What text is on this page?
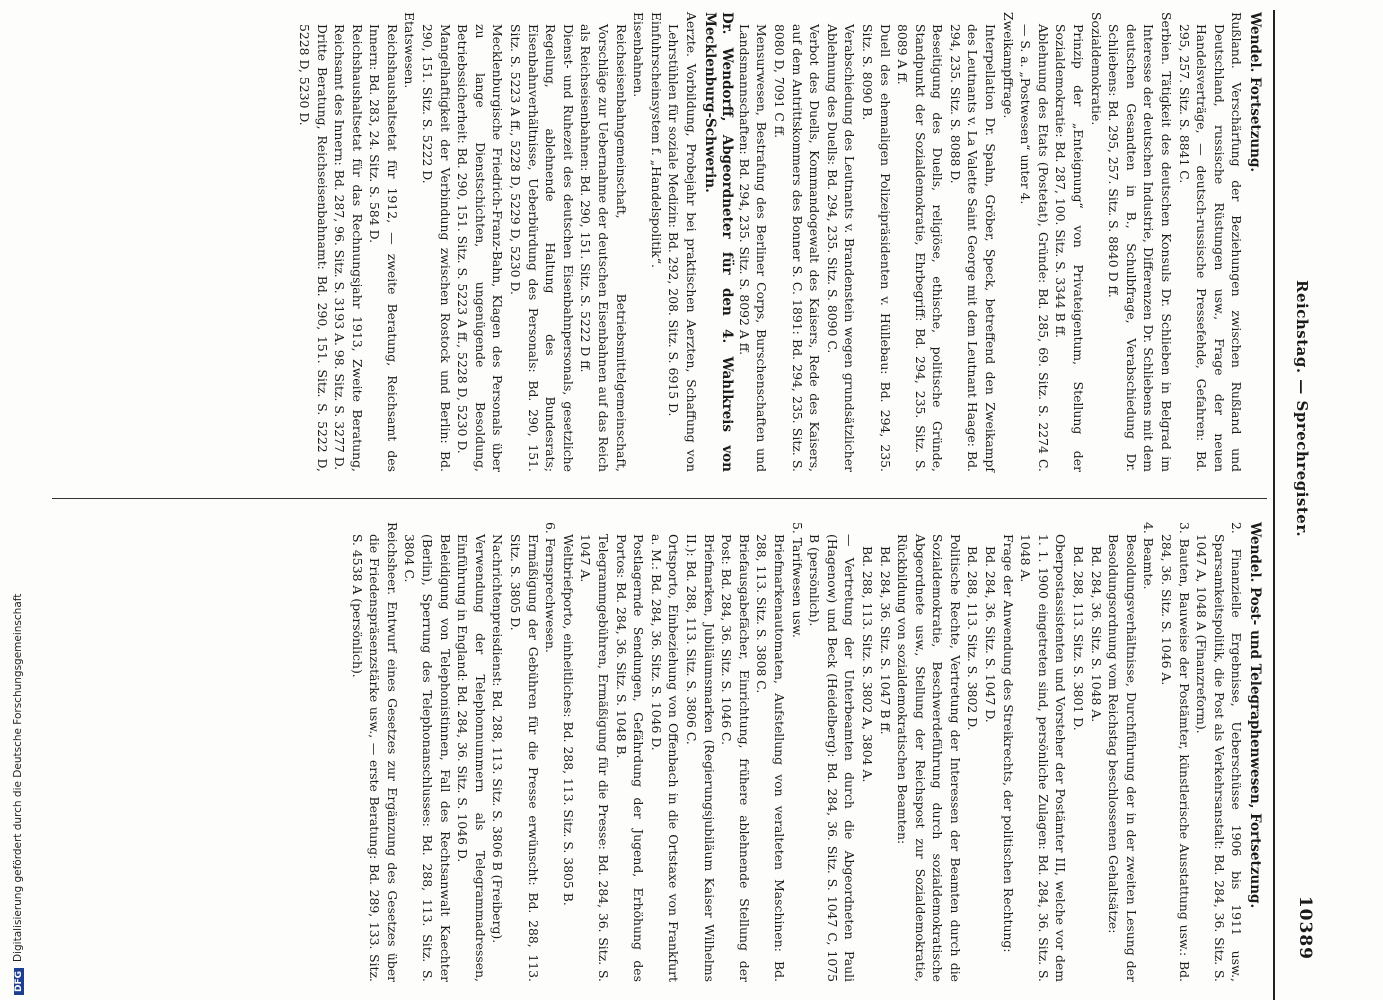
Reichstag. — Sprechregister.
10389
Wendel. Fortsetzung.
Rußland. Verschärfung der Beziehungen zwischen Rußland und Deutschland, russische Rüstungen usw., Frage der neuen Handelsverträge, — deutsch-russische Pressefehde, Gefahren: Bd. 295, 257. Sitz. S. 8841 C.
Serbien. Tätigkeit des deutschen Konsuls Dr. Schlieben in Belgrad im Interesse der deutschen Industrie, Differenzen Dr. Schliebens mit dem deutschen Gesandten in B., Schulbfrage, Verabschiedung Dr. Schliebens: Bd. 295, 257. Sitz. S. 8840 D ff.
Sozialdemokratie.
Prinzip der „Enteignung“ von Privateigentum, Stellung der Sozialdemokratie: Bd. 287, 100. Sitz. S. 3344 B ff.
Ablehnung des Etats (Postetat), Gründe: Bd. 285, 69. Sitz. S. 2274 C. — S. a. „Postwesen“ unter 4.
Zweikampffrage.
Interpellation Dr. Spahn, Gröber, Speck, betreffend den Zweikampf des Leutnants v. La Valette Saint George mit dem Leutnant Haage: Bd. 294, 235. Sitz. S. 8088 D.
Beseitigung des Duells, religiöse, ethische, politische Gründe, Standpunkt der Sozialdemokratie, Ehrbegriff: Bd. 294, 235. Sitz. S. 8089 A ff.
Duell des ehemaligen Polizeipräsidenten v. Hüllebau: Bd. 294, 235. Sitz. S. 8090 B.
Verabschiedung des Leutnants v. Brandenstein wegen grundsätzlicher Ablehnung des Duells: Bd. 294, 235. Sitz. S. 8090 C.
Verbot des Duells, Kommandogewalt des Kaisers, Rede des Kaisers, auf dem Antrittskommers des Bonner S. C. 1891: Bd. 294, 235. Sitz. S. 8080 D, 7091 C ff.
Mensurwesen, Bestrafung des Berliner Corps, Burschenschaften und Landsmannschaften: Bd. 294, 235. Sitz. S. 8092 A ff.
Dr. Wendorff, Abgeordneter für den 4. Wahlkreis von Mecklenburg-Schwerin.
Aerzte. Vorbildung, Probejahr bei praktischen Aerzten, Schaffung von Lehrstühlen für soziale Medizin: Bd. 292, 208. Sitz. S. 6915 D.
Einfuhrscheinsystem f. „Handelspolitik“.
Eisenbahnen.
Reichseisenbahngemeinschaft, Betriebsmittelgemeinschaft, Vorschläge zur Uebernahme der deutschen Eisenbahnen auf das Reich als Reichseisenbahnen: Bd. 290, 151. Sitz. S. 5222 D ff.
Dienst- und Ruhezeit des deutschen Eisenbahnpersonals, gesetzliche Regelung, ablehnende Haltung des Bundesrats; Eisenbahnverhältnisse, Ueberbürdung des Personals: Bd. 290, 151. Sitz. S. 5223 A ff., 5228 D, 5229 D, 5230 D.
Mecklenburgische Friedrich-Franz-Bahn, Klagen des Personals über zu lange Dienstschichten, ungenügende Besoldung, Betriebssicherheit: Bd. 290, 151. Sitz. S. 5223 A ff., 5228 D, 5230 D.
Mangelhaftigkeit der Verbindung zwischen Rostock und Berlin: Bd. 290, 151. Sitz. S. 5222 D.
Etatswesen.
Reichshaushaltsetat für 1912, — zweite Beratung, Reichsamt des Innern: Bd. 283, 24. Sitz. S. 584 D.
Reichshaushaltsetat für das Rechnungsjahr 1913, Zweite Beratung, Reichsamt des Innern: Bd. 287, 96. Sitz. S. 3193 A. 98. Sitz. S. 3277 D.
Dritte Beratung, Reichseisenbahnamt: Bd. 290, 151. Sitz. S. 5222 D, 5228 D, 5230 D.
Wendel. Post- und Telegraphenwesen, Fortsetzung.
2. Finanzielle Ergebnisse, Ueberschüsse 1906 bis 1911 usw., Sparsamkeitspolitik, die Post als Verkehrsanstalt: Bd. 284, 36. Sitz. S. 1047 A, 1048 A (Finanzreform).
3. Bauten, Bauweise der Postämter, künstlerische Ausstattung usw.: Bd. 284, 36. Sitz. S. 1046 A.
4. Beamte.
Besoldungsverhältnisse, Durchführung der in der zweiten Lesung der Besoldungsordnung vom Reichstag beschlossenen Gehaltsätze:
Bd. 284, 36. Sitz. S. 1048 A.
Bd. 288, 113. Sitz. S. 3801 D.
Oberpostassistenten und Vorsteher der Postämter III, welche vor dem 1. 1. 1900 eingetreten sind, persönliche Zulagen: Bd. 284, 36. Sitz. S. 1048 A.
Frage der Anwendung des Streikrechts, der politischen Rechtung:
Bd. 284, 36. Sitz. S. 1047 D.
Bd. 288, 113. Sitz. S. 3802 D.
Politische Rechte, Vertretung der Interessen der Beamten durch die Sozialdemokratie, Beschwerdeführung durch sozialdemokratische Abgeordnete usw., Stellung der Reichspost zur Sozialdemokratie, Rückbildung von sozialdemokratischen Beamten:
Bd. 284, 36. Sitz. S. 1047 B ff.
Bd. 288, 113. Sitz. S. 3802 A, 3804 A.
— Vertretung der Unterbeamten durch die Abgeordneten Pauli (Hagenow) und Beck (Heidelberg): Bd. 284, 36. Sitz. S. 1047 C, 1075 B (persönlich).
5. Tarifwesen usw.
Briefmarkenautomaten, Aufstellung von veralteten Maschinen: Bd. 288, 113. Sitz. S. 3808 C.
Briefausgabefächer, Einrichtung, frühere ablehnende Stellung der Post: Bd. 284, 36. Sitz. S. 1046 C.
Briefmarken, Jubiläumsmarken (Regierungsjubiläum Kaiser Wilhelms II.): Bd. 288, 113. Sitz. S. 3806 C.
Ortsporto, Einbeziehung von Offenbach in die Ortstaxe von Frankfurt a. M.: Bd. 284, 36. Sitz. S. 1046 D.
Postlagernde Sendungen, Gefährdung der Jugend, Erhöhung des Portos: Bd. 284, 36. Sitz. S. 1048 B.
Telegrammgebühren, Ermäßigung für die Presse: Bd. 284, 36. Sitz. S. 1047 A.
Weltbriefporto, einheitliches: Bd. 288, 113. Sitz. S. 3805 B.
6. Fernsprechwesen.
Ermäßigung der Gebühren für die Presse erwünscht: Bd. 288, 113. Sitz. S. 3805 D.
Nachrichtenpreisdienst: Bd. 288, 113. Sitz. S. 3806 B (Freiberg).
Verwendung der Telephonnummern als Telegrammadressen, Einführung in England: Bd. 284, 36. Sitz. S. 1046 D.
Beleidigung von Telephonistinnen, Fall des Rechtsanwalt Kaechter (Berlin), Sperrung des Telephonanschlusses: Bd. 288, 113. Sitz. S. 3804 C.
Reichsheer. Entwurf eines Gesetzes zur Ergänzung des Gesetzes über die Friedenspräsenzstärke usw., — erste Beratung: Bd. 289, 133. Sitz. S. 4538 A (persönlich).
DFGDigitalisierung gefördert durch die Deutsche Forschungsgemeinschaft
